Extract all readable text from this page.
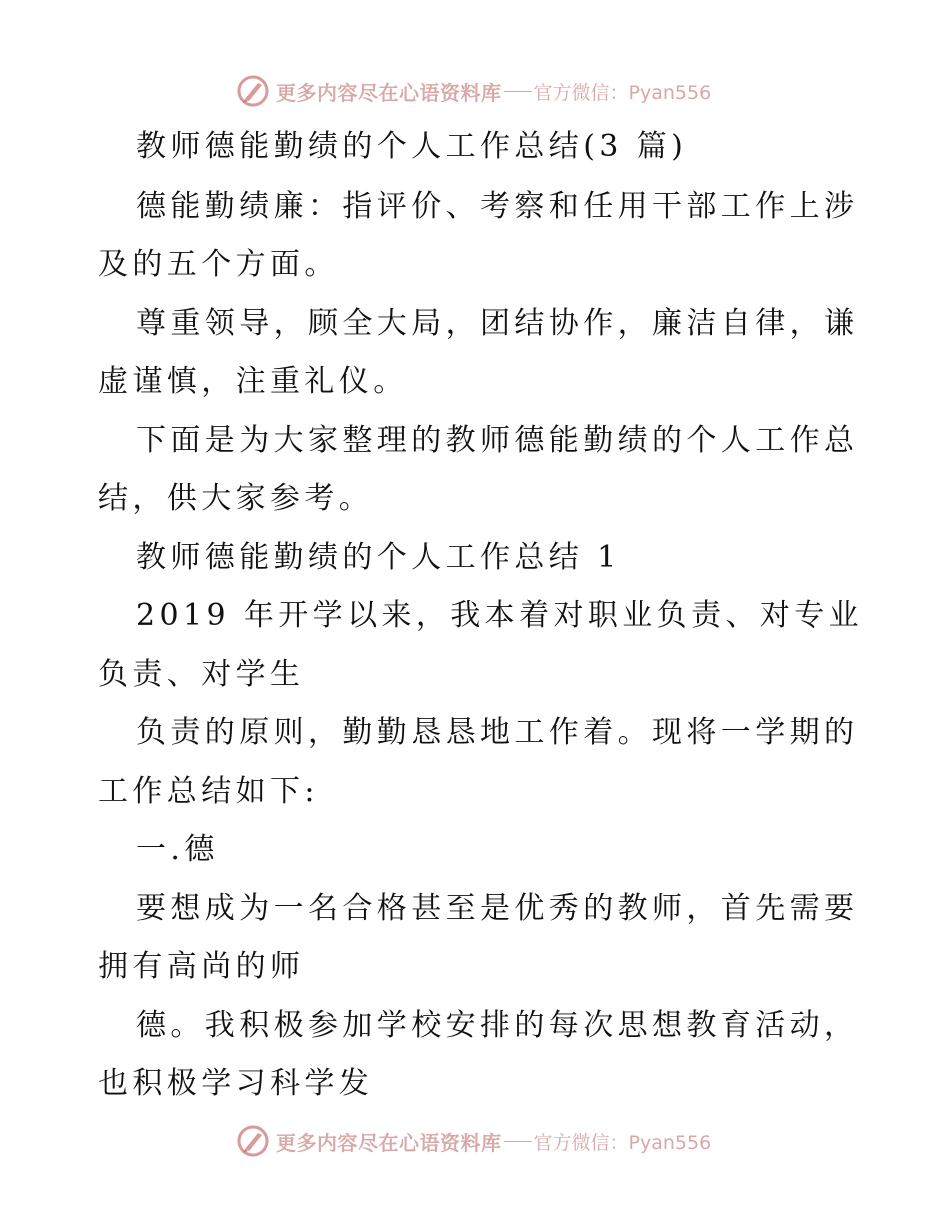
更多内容尽在心语资料库 官方微信：Pyan556
教师德能勤绩的个人工作总结(3 篇)
德能勤绩廉：指评价、考察和任用干部工作上涉
及的五个方面。
尊重领导，顾全大局，团结协作，廉洁自律，谦
虚谨慎，注重礼仪。
下面是为大家整理的教师德能勤绩的个人工作总
结，供大家参考。
教师德能勤绩的个人工作总结 1
2019 年开学以来，我本着对职业负责、对专业
负责、对学生
负责的原则，勤勤恳恳地工作着。现将一学期的
工作总结如下:
一.德
要想成为一名合格甚至是优秀的教师，首先需要
拥有高尚的师
德。我积极参加学校安排的每次思想教育活动，
也积极学习科学发
更多内容尽在心语资料库 官方微信：Pyan556
